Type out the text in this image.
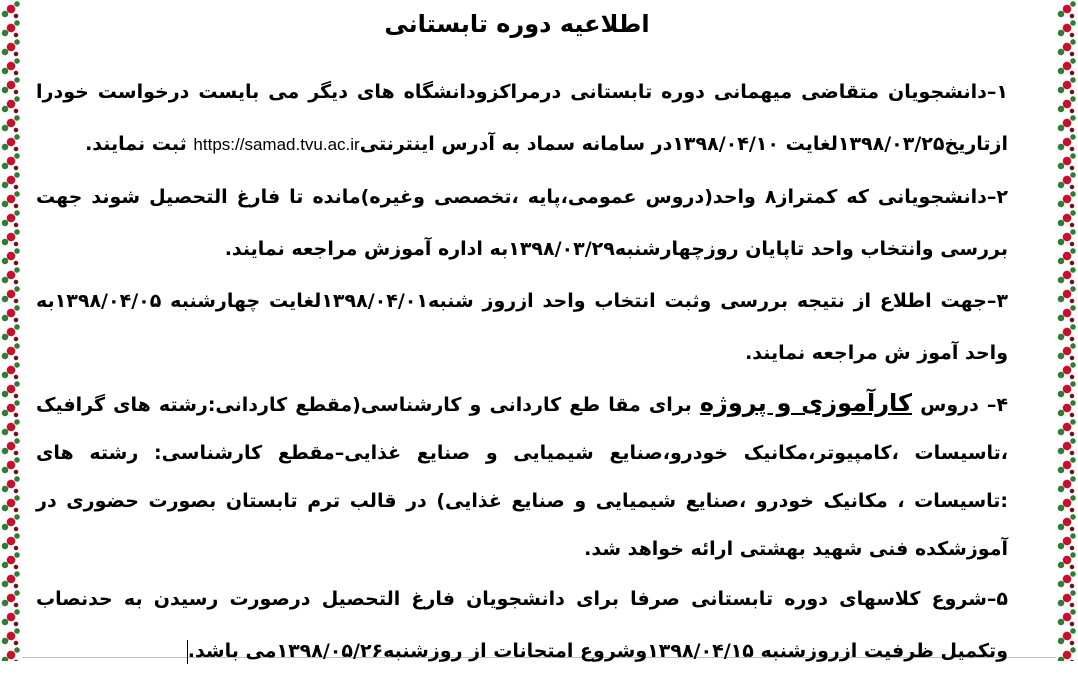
اطلاعیه دوره تابستانی

۱–دانشجویان متقاضی میهمانی دوره تابستانی درمراکزودانشگاه های دیگر می بایست درخواست خودرا ازتاریخ۱۳۹۸/۰۳/۲۵لغایت ۱۳۹۸/۰۴/۱۰در سامانه سماد به آدرس اینترنتیhttps://samad.tvu.ac.ir ثبت نمایند.

۲–دانشجویانی که کمتراز۸ واحد(دروس عمومی،پایه ،تخصصی وغیره)مانده تا فارغ التحصیل شوند جهت بررسی وانتخاب واحد تاپایان روزچهارشنبه۱۳۹۸/۰۳/۲۹به اداره آموزش مراجعه نمایند.

۳–جهت اطلاع از نتیجه بررسی وثبت انتخاب واحد ازروز شنبه۱۳۹۸/۰۴/۰۱لغایت چهارشنبه ۱۳۹۸/۰۴/۰۵به واحد آموز ش مراجعه نمایند.

۴– دروس کارآموزی و پروژه برای مقا طع کاردانی و کارشناسی(مقطع کاردانی:رشته های گرافیک ،تاسیسات ،کامپیوتر،مکانیک خودرو،صنایع شیمیایی و صنایع غذایی–مقطع کارشناسی: رشته های :تاسیسات ، مکانیک خودرو ،صنایع شیمیایی و صنایع غذایی) در قالب ترم تابستان بصورت حضوری در آموزشکده فنی شهید بهشتی ارائه خواهد شد.

۵–شروع کلاسهای دوره تابستانی صرفا برای دانشجویان فارغ التحصیل درصورت رسیدن به حدنصاب وتکمیل ظرفیت ازروزشنبه ۱۳۹۸/۰۴/۱۵وشروع امتحانات از روزشنبه۱۳۹۸/۰۵/۲۶می باشد.
